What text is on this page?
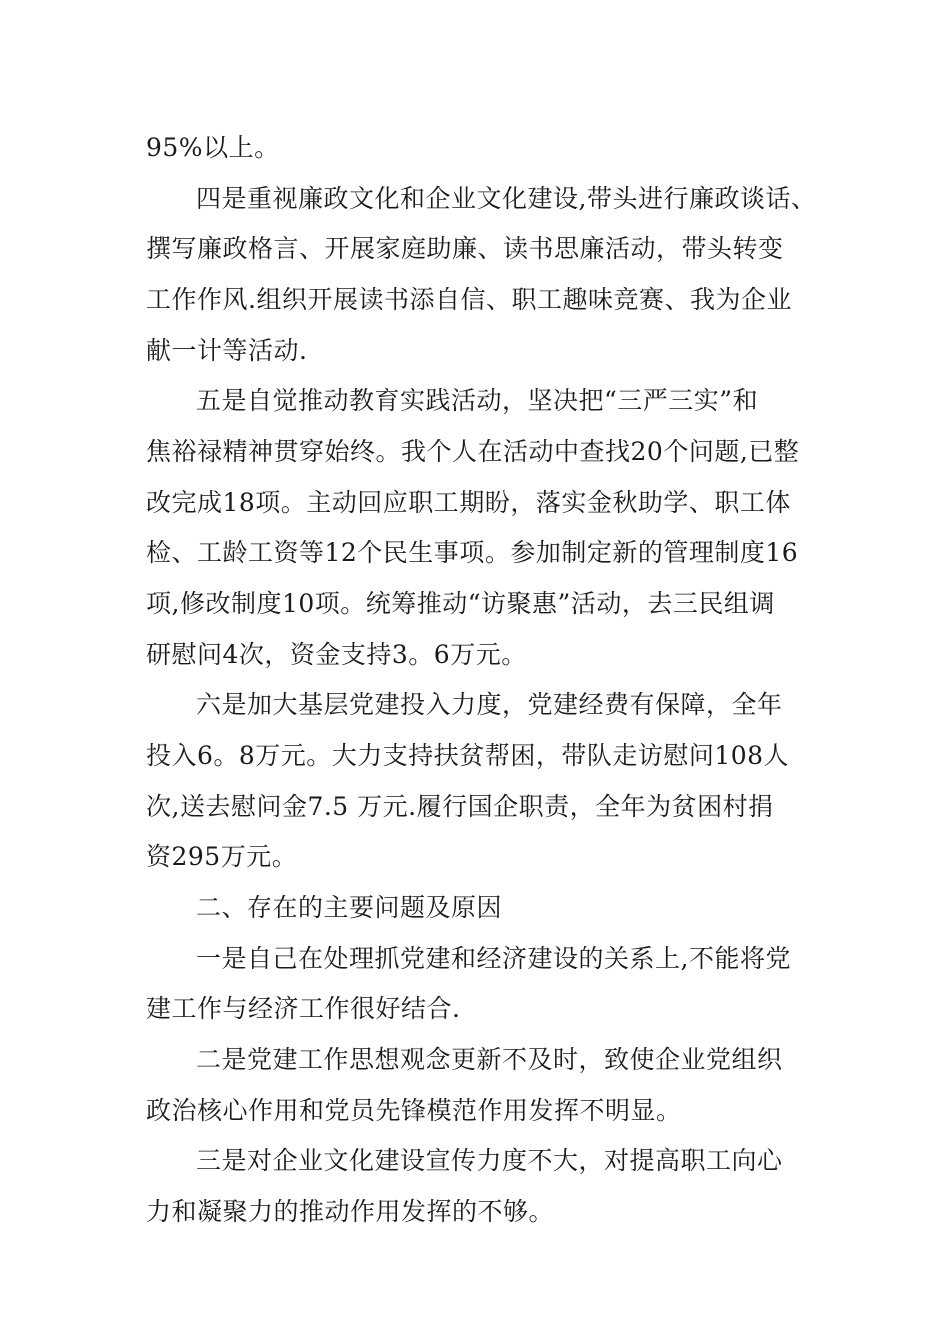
95%以上。
四是重视廉政文化和企业文化建设,带头进行廉政谈话、
撰写廉政格言、开展家庭助廉、读书思廉活动，带头转变
工作作风.组织开展读书添自信、职工趣味竞赛、我为企业
献一计等活动.
五是自觉推动教育实践活动，坚决把“三严三实”和
焦裕禄精神贯穿始终。我个人在活动中查找20个问题,已整
改完成18项。主动回应职工期盼，落实金秋助学、职工体
检、工龄工资等12个民生事项。参加制定新的管理制度16
项,修改制度10项。统筹推动“访聚惠”活动，去三民组调
研慰问4次，资金支持3。6万元。
六是加大基层党建投入力度，党建经费有保障，全年
投入6。8万元。大力支持扶贫帮困，带队走访慰问108人
次,送去慰问金7.5 万元.履行国企职责，全年为贫困村捐
资295万元。
二、存在的主要问题及原因
一是自己在处理抓党建和经济建设的关系上,不能将党
建工作与经济工作很好结合.
二是党建工作思想观念更新不及时，致使企业党组织
政治核心作用和党员先锋模范作用发挥不明显。
三是对企业文化建设宣传力度不大，对提高职工向心
力和凝聚力的推动作用发挥的不够。
